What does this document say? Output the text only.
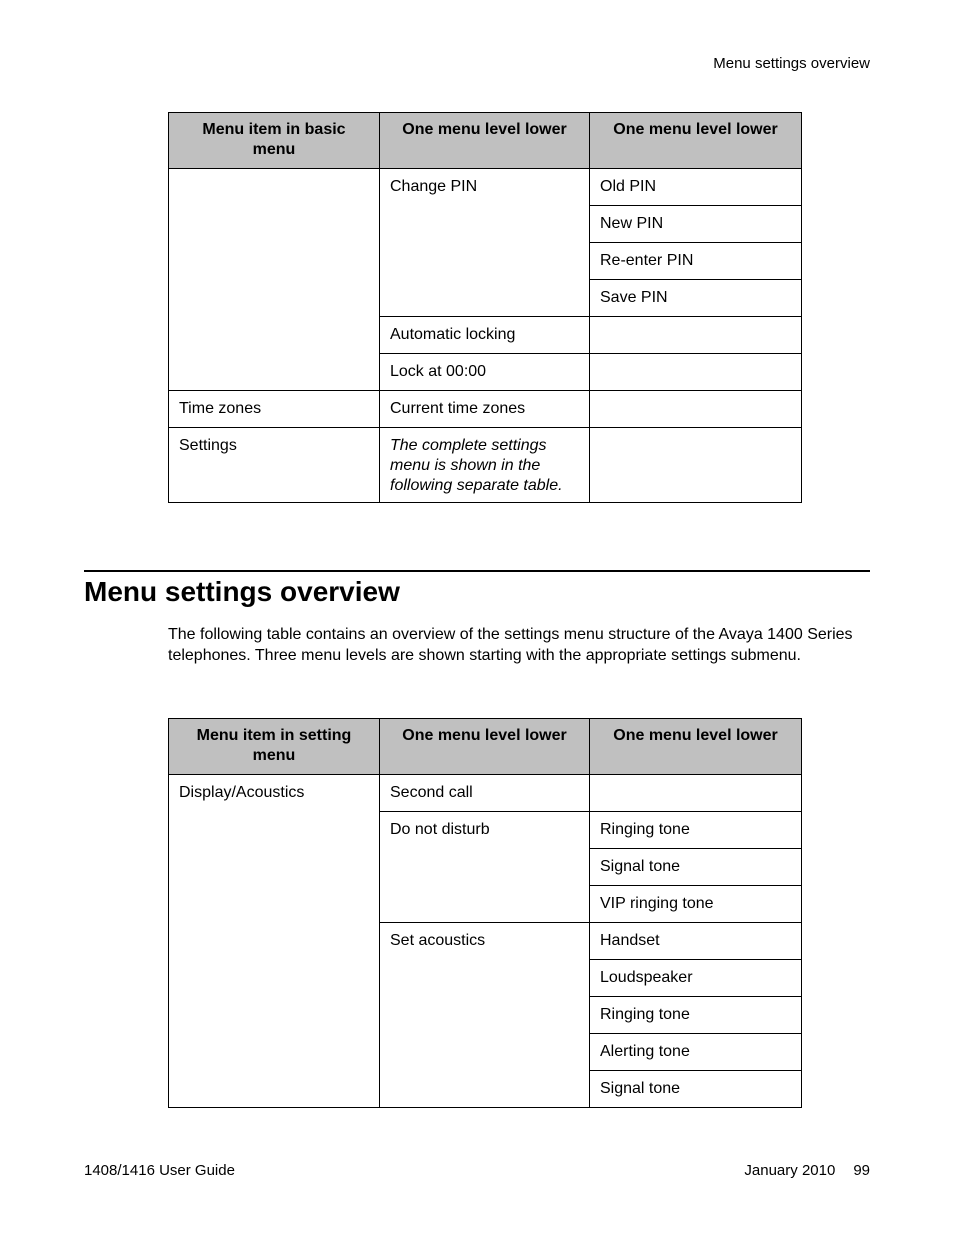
Menu settings overview
Menu item in basic menu	One menu level lower	One menu level lower
	Change PIN	Old PIN
		New PIN
		Re-enter PIN
		Save PIN
	Automatic locking	
	Lock at 00:00	
Time zones	Current time zones	
Settings	The complete settings menu is shown in the following separate table.	
Menu settings overview

The following table contains an overview of the settings menu structure of the Avaya 1400 Series telephones. Three menu levels are shown starting with the appropriate settings submenu.

Menu item in setting menu	One menu level lower	One menu level lower
Display/Acoustics	Second call	
	Do not disturb	Ringing tone
		Signal tone
		VIP ringing tone
	Set acoustics	Handset
		Loudspeaker
		Ringing tone
		Alerting tone
		Signal tone
1408/1416 User Guide	January 2010 99
